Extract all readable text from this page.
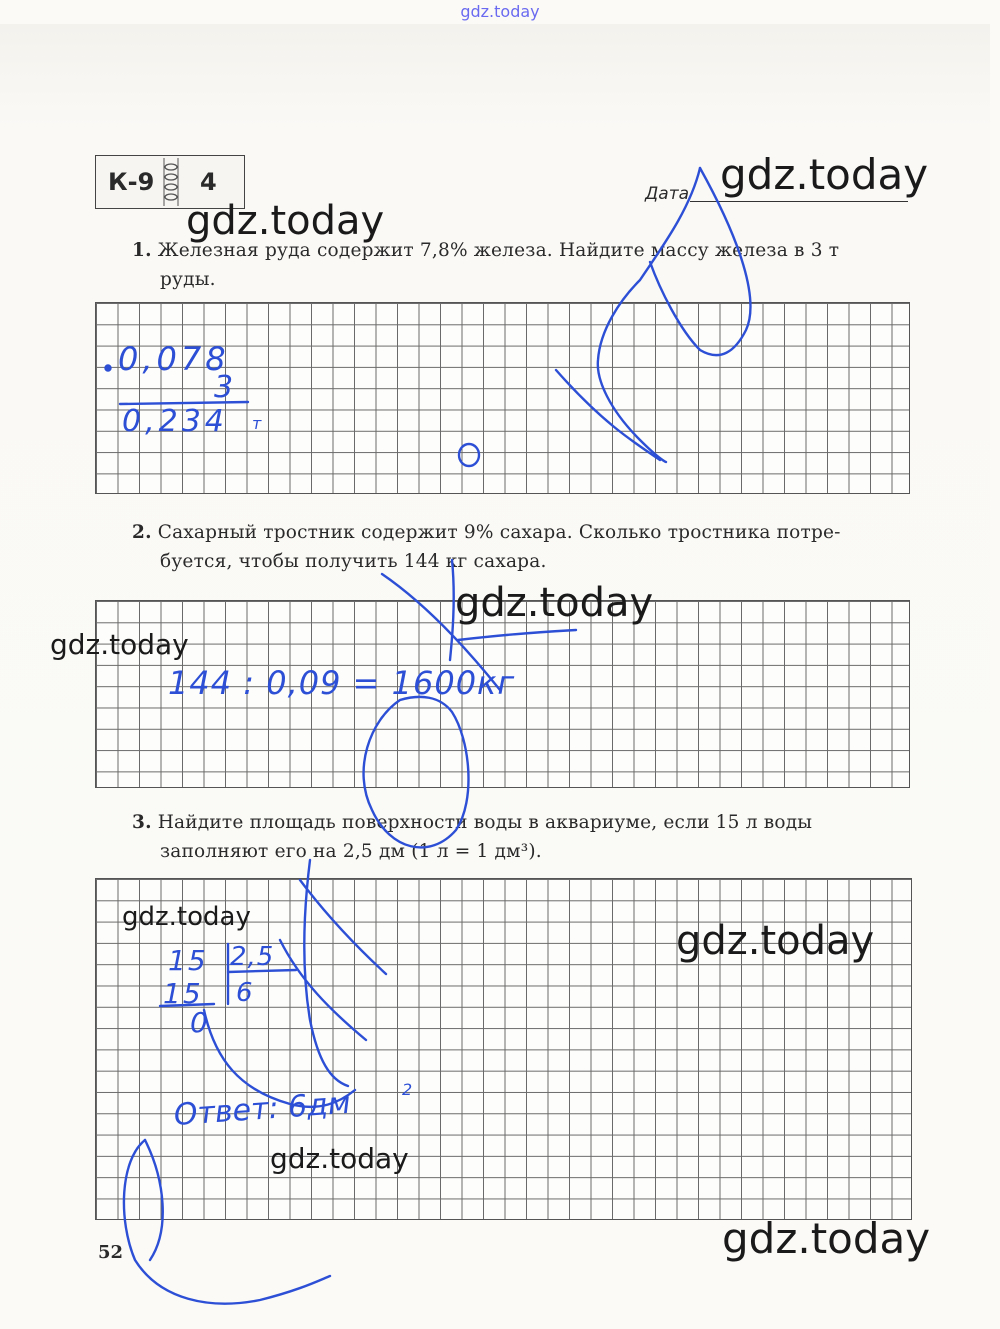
gdz.today
К-9 4	Дата
1. Железная руда содержит 7,8% железа. Найдите массу железа в 3 т
руды.
2. Сахарный тростник содержит 9% сахара. Сколько тростника потре-
буется, чтобы получить 144 кг сахара.
3. Найдите площадь поверхности воды в аквариуме, если 15 л воды
заполняют его на 2,5 дм (1 л = 1 дм³).
52
0,078
3
0,234 т
144 : 0,09 = 1600кг
15 2,5
15 6
0
Ответ: 6дм	2
gdz.today
gdz.today
gdz.today
gdz.today
gdz.today
gdz.today
gdz.today
gdz.today
